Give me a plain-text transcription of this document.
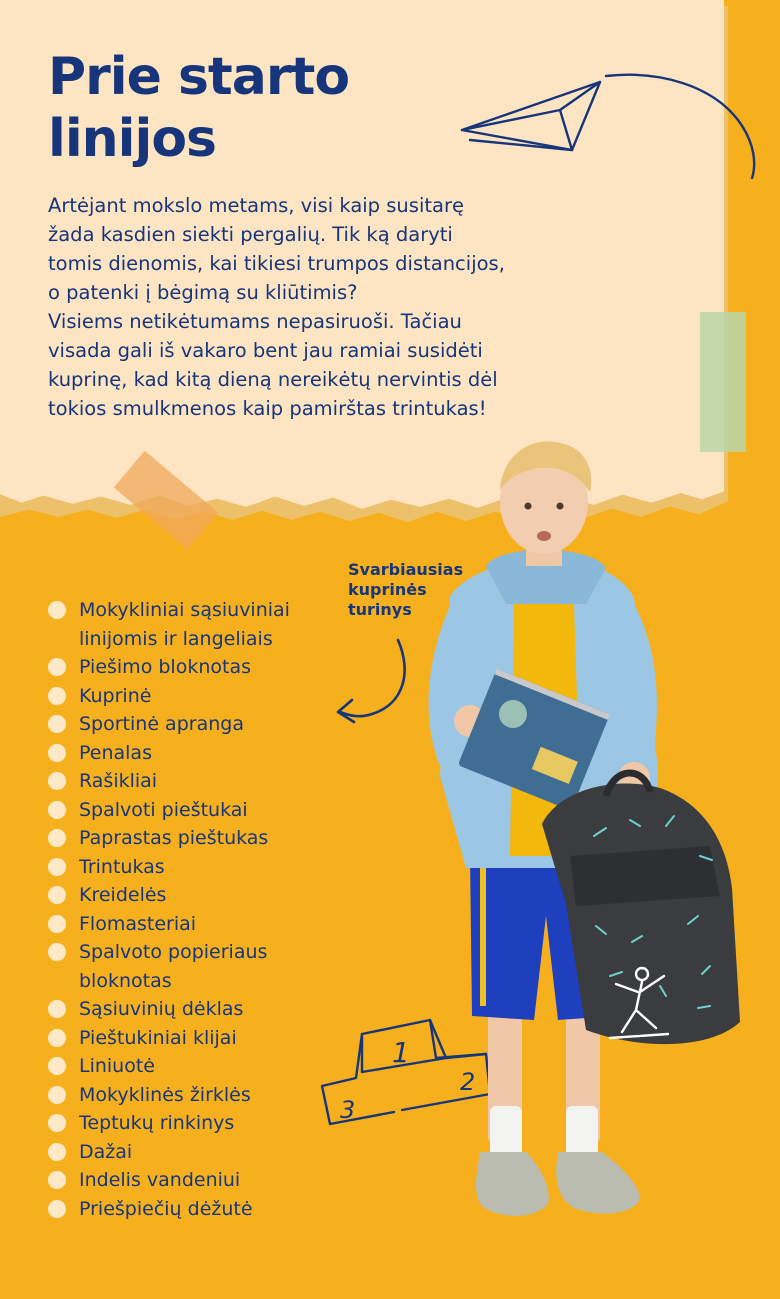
Prie starto
linijos

Artėjant mokslo metams, visi kaip susitarę
žada kasdien siekti pergalių. Tik ką daryti
tomis dienomis, kai tikiesi trumpos distancijos,
o patenki į bėgimą su kliūtimis?
Visiems netikėtumams nepasiruoši. Tačiau
visada gali iš vakaro bent jau ramiai susidėti
kuprinę, kad kitą dieną nereikėtų nervintis dėl
tokios smulkmenos kaip pamirštas trintukas!

Svarbiausias
kuprinės
turinys

Mokykliniai sąsiuviniai
linijomis ir langeliais
Piešimo bloknotas
Kuprinė
Sportinė apranga
Penalas
Rašikliai
Spalvoti pieštukai
Paprastas pieštukas
Trintukas
Kreidelės
Flomasteriai
Spalvoto popieriaus
bloknotas
Sąsiuvinių dėklas
Pieštukiniai klijai
Liniuotė
Mokyklinės žirklės
Teptukų rinkinys
Dažai
Indelis vandeniui
Priešpiečių dėžutė
1
2
3
